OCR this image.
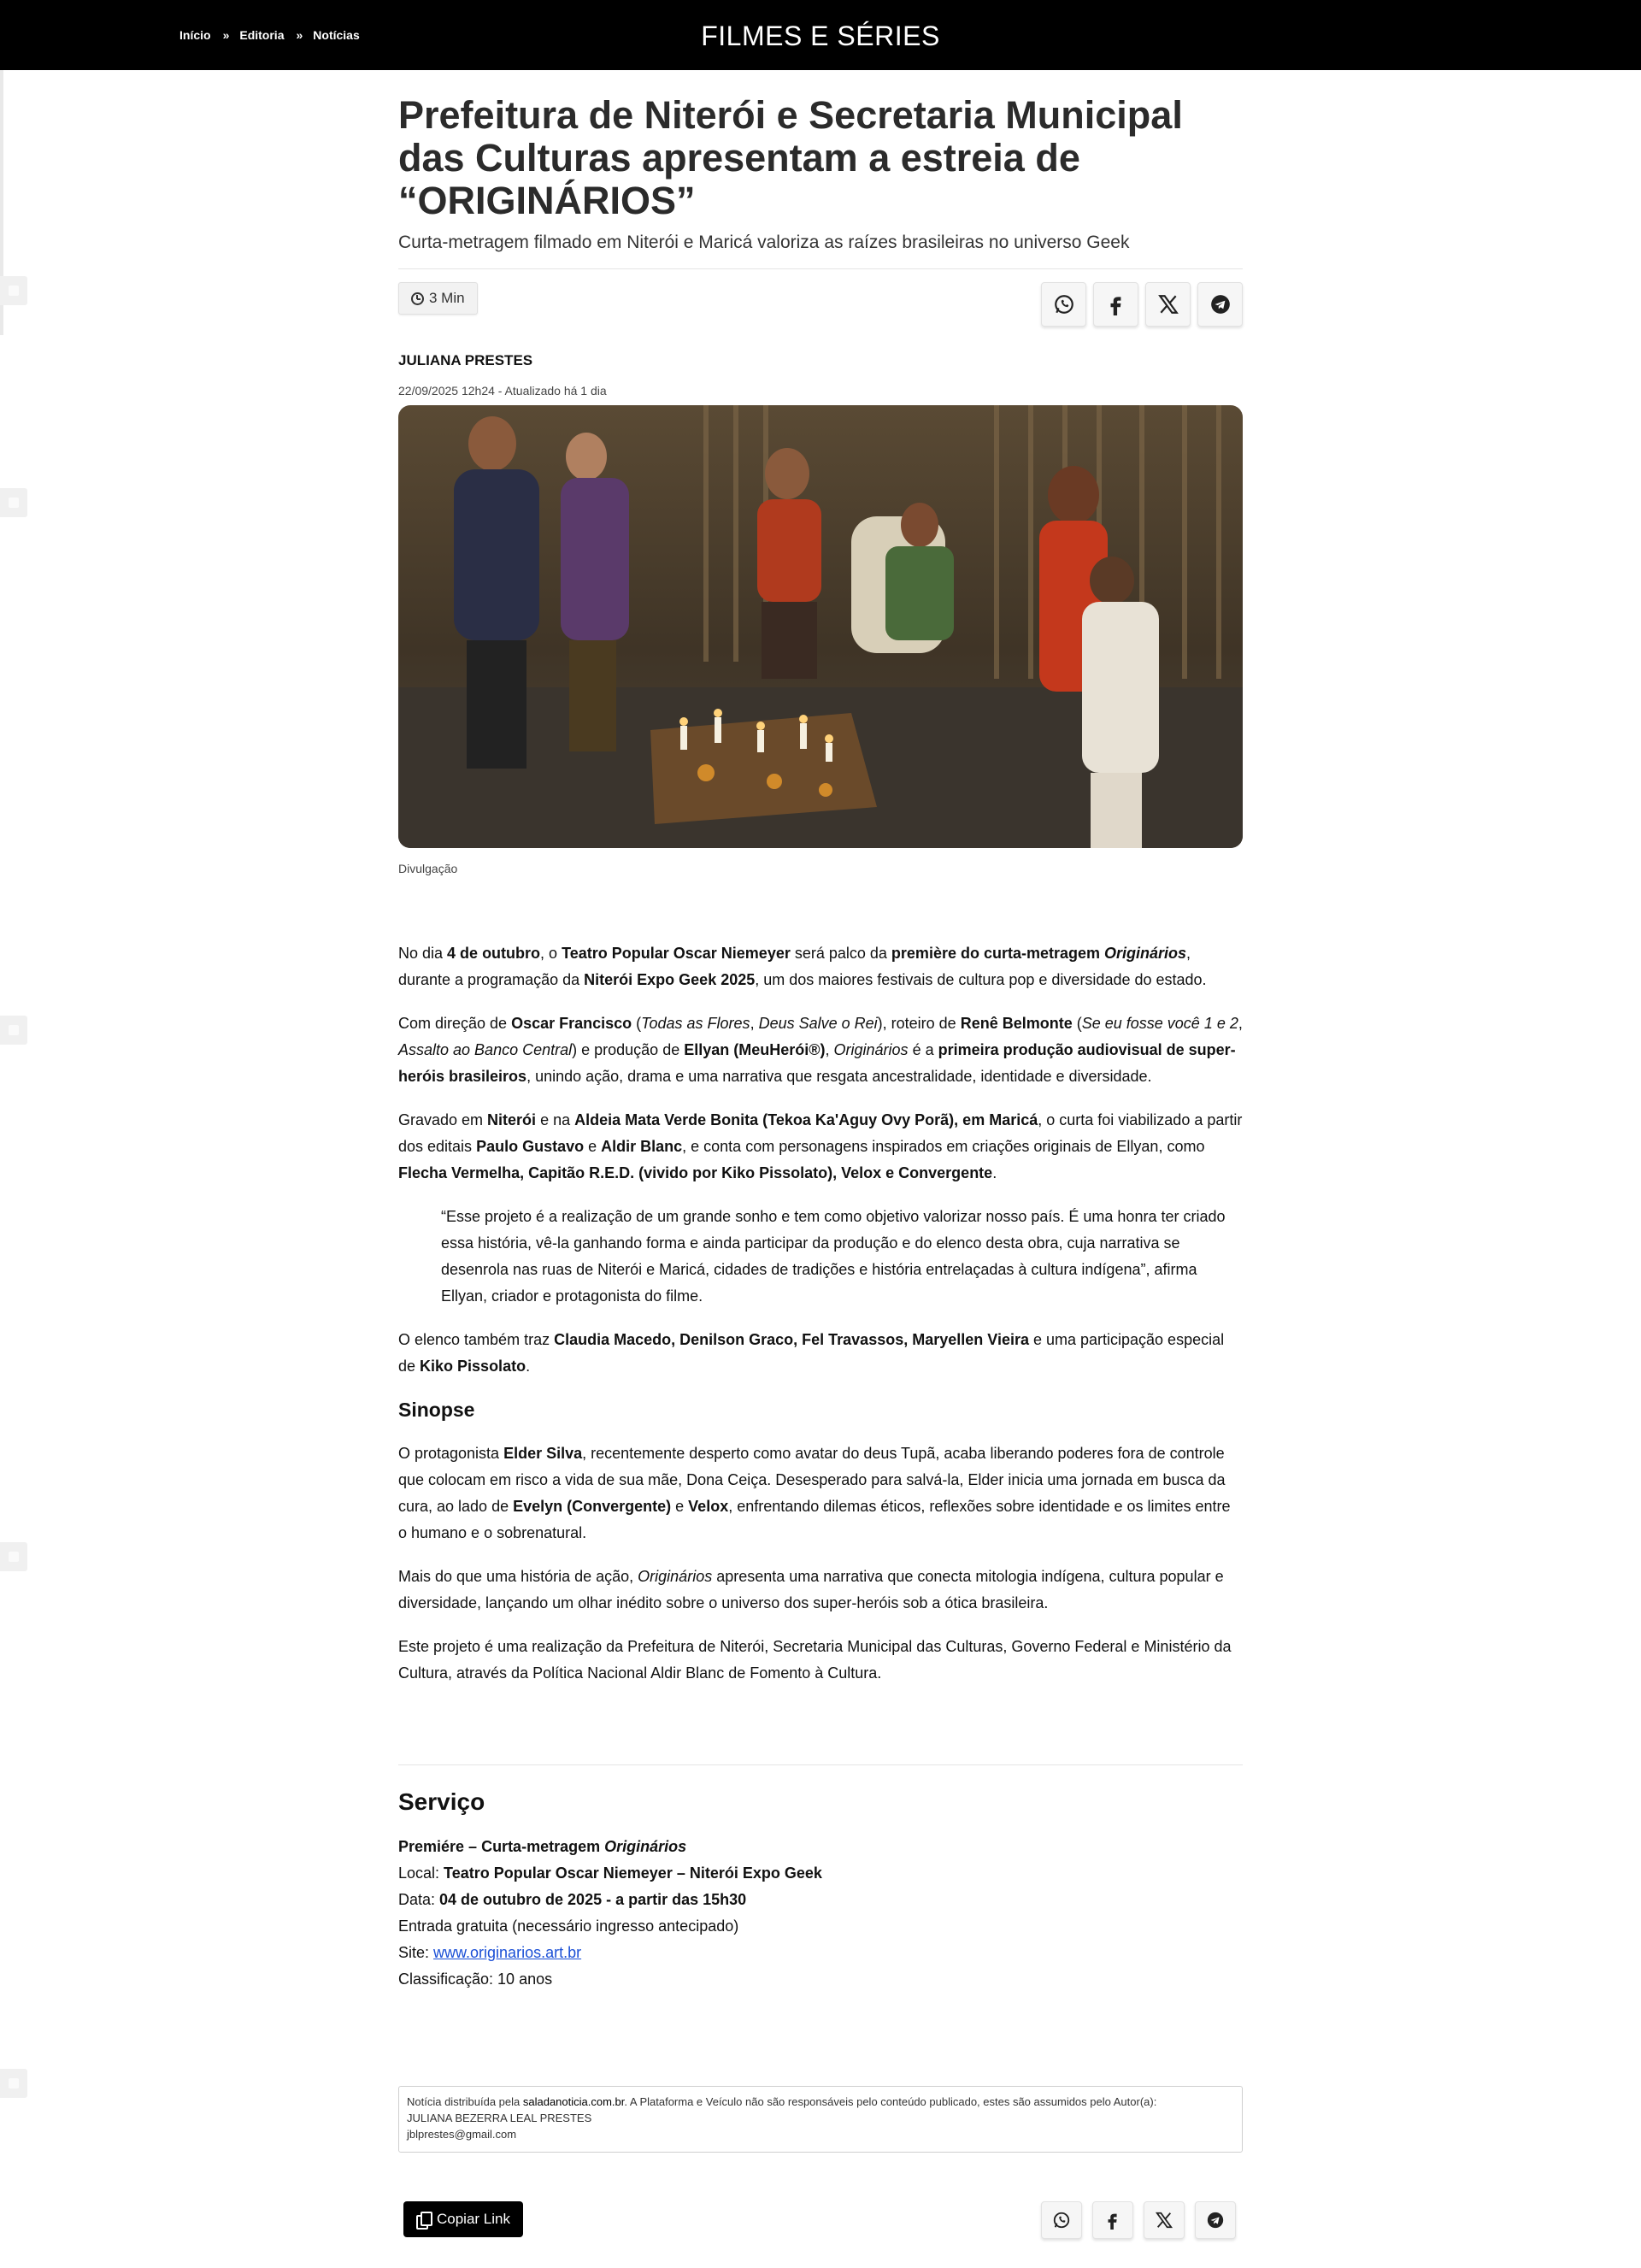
Início » Editoria » Notícias	FILMES E SÉRIES
Prefeitura de Niterói e Secretaria Municipal das Culturas apresentam a estreia de “ORIGINÁRIOS”
Curta-metragem filmado em Niterói e Maricá valoriza as raízes brasileiras no universo Geek
3 Min
JULIANA PRESTES
22/09/2025 12h24 - Atualizado há 1 dia
Divulgação

No dia 4 de outubro, o Teatro Popular Oscar Niemeyer será palco da première do curta-metragem Originários, durante a programação da Niterói Expo Geek 2025, um dos maiores festivais de cultura pop e diversidade do estado.

Com direção de Oscar Francisco (Todas as Flores, Deus Salve o Rei), roteiro de Renê Belmonte (Se eu fosse você 1 e 2, Assalto ao Banco Central) e produção de Ellyan (MeuHerói®), Originários é a primeira produção audiovisual de super-heróis brasileiros, unindo ação, drama e uma narrativa que resgata ancestralidade, identidade e diversidade.

Gravado em Niterói e na Aldeia Mata Verde Bonita (Tekoa Ka'Aguy Ovy Porã), em Maricá, o curta foi viabilizado a partir dos editais Paulo Gustavo e Aldir Blanc, e conta com personagens inspirados em criações originais de Ellyan, como Flecha Vermelha, Capitão R.E.D. (vivido por Kiko Pissolato), Velox e Convergente.

“Esse projeto é a realização de um grande sonho e tem como objetivo valorizar nosso país. É uma honra ter criado essa história, vê-la ganhando forma e ainda participar da produção e do elenco desta obra, cuja narrativa se desenrola nas ruas de Niterói e Maricá, cidades de tradições e história entrelaçadas à cultura indígena”, afirma Ellyan, criador e protagonista do filme.

O elenco também traz Claudia Macedo, Denilson Graco, Fel Travassos, Maryellen Vieira e uma participação especial de Kiko Pissolato.

Sinopse

O protagonista Elder Silva, recentemente desperto como avatar do deus Tupã, acaba liberando poderes fora de controle que colocam em risco a vida de sua mãe, Dona Ceiça. Desesperado para salvá-la, Elder inicia uma jornada em busca da cura, ao lado de Evelyn (Convergente) e Velox, enfrentando dilemas éticos, reflexões sobre identidade e os limites entre o humano e o sobrenatural.

Mais do que uma história de ação, Originários apresenta uma narrativa que conecta mitologia indígena, cultura popular e diversidade, lançando um olhar inédito sobre o universo dos super-heróis sob a ótica brasileira.

Este projeto é uma realização da Prefeitura de Niterói, Secretaria Municipal das Culturas, Governo Federal e Ministério da Cultura, através da Política Nacional Aldir Blanc de Fomento à Cultura.

Serviço
Premiére – Curta-metragem Originários
Local: Teatro Popular Oscar Niemeyer – Niterói Expo Geek
Data: 04 de outubro de 2025 - a partir das 15h30
Entrada gratuita (necessário ingresso antecipado)
Site: www.originarios.art.br
Classificação: 10 anos
Notícia distribuída pela saladanoticia.com.br. A Plataforma e Veículo não são responsáveis pelo conteúdo publicado, estes são assumidos pelo Autor(a):
JULIANA BEZERRA LEAL PRESTES
jblprestes@gmail.com
Copiar Link
